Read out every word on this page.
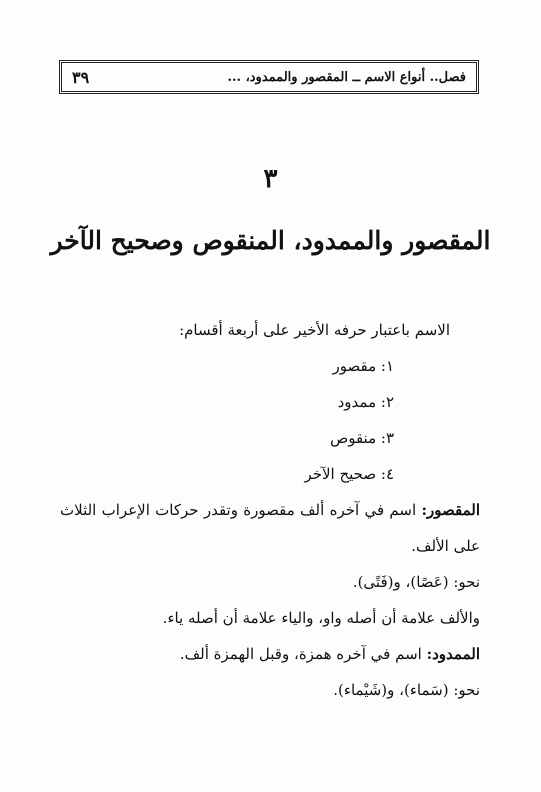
فصل.. أنواع الاسم ــ المقصور والممدود، ...
٣٩
٣
المقصور والممدود، المنقوص وصحيح الآخر

الاسم باعتبار حرفه الأخير على أربعة أقسام:

١: مقصور

٢: ممدود

٣: منقوص

٤: صحيح الآخر

المقصور: اسم في آخره ألف مقصورة وتقدر حركات الإعراب الثلاث على الألف.

نحو: (عَصًا)، و(فَتًى).

والألف علامة أن أصله واو، والياء علامة أن أصله ياء.

الممدود: اسم في آخره همزة، وقبل الهمزة ألف.

نحو: (سَماء)، و(شَيْماء).
